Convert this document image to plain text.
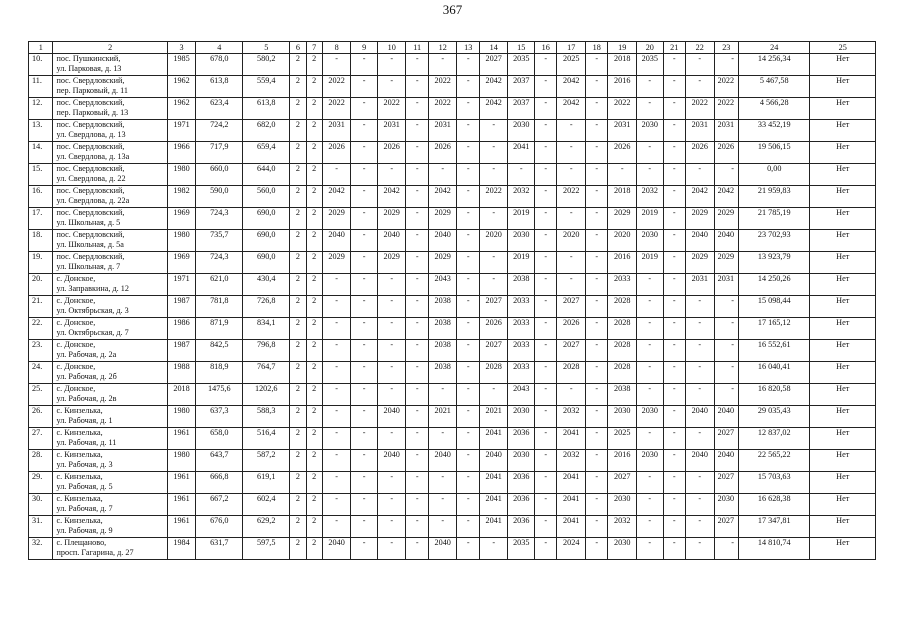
367
1	2	3	4	5	6	7	8	9	10	11	12	13	14	15	16	17	18	19	20	21	22	23	24	25
10.	пос. Пушкинский,
ул. Парковая, д. 13	1985	678,0	580,2	2	2	-	-	-	-	-	-	2027	2035	-	2025	-	2018	2035	-	-	-	14 256,34	Нет
11.	пос. Свердловский,
пер. Парковый, д. 11	1962	613,8	559,4	2	2	2022	-	-	-	2022	-	2042	2037	-	2042	-	2016	-	-	-	2022	5 467,58	Нет
12.	пос. Свердловский,
пер. Парковый, д. 13	1962	623,4	613,8	2	2	2022	-	2022	-	2022	-	2042	2037	-	2042	-	2022	-	-	2022	2022	4 566,28	Нет
13.	пос. Свердловский,
ул. Свердлова, д. 13	1971	724,2	682,0	2	2	2031	-	2031	-	2031	-	-	2030	-	-	-	2031	2030	-	2031	2031	33 452,19	Нет
14.	пос. Свердловский,
ул. Свердлова, д. 13а	1966	717,9	659,4	2	2	2026	-	2026	-	2026	-	-	2041	-	-	-	2026	-	-	2026	2026	19 506,15	Нет
15.	пос. Свердловский,
ул. Свердлова, д. 22	1980	660,0	644,0	2	2	-	-	-	-	-	-	-	-	-	-	-	-	-	-	-	-	0,00	Нет
16.	пос. Свердловский,
ул. Свердлова, д. 22а	1982	590,0	560,0	2	2	2042	-	2042	-	2042	-	2022	2032	-	2022	-	2018	2032	-	2042	2042	21 959,83	Нет
17.	пос. Свердловский,
ул. Школьная, д. 5	1969	724,3	690,0	2	2	2029	-	2029	-	2029	-	-	2019	-	-	-	2029	2019	-	2029	2029	21 785,19	Нет
18.	пос. Свердловский,
ул. Школьная, д. 5а	1980	735,7	690,0	2	2	2040	-	2040	-	2040	-	2020	2030	-	2020	-	2020	2030	-	2040	2040	23 702,93	Нет
19.	пос. Свердловский,
ул. Школьная, д. 7	1969	724,3	690,0	2	2	2029	-	2029	-	2029	-	-	2019	-	-	-	2016	2019	-	2029	2029	13 923,79	Нет
20.	с. Донское,
ул. Заправкина, д. 12	1971	621,0	430,4	2	2	-	-	-	-	2043	-	-	2038	-	-	-	2033	-	-	2031	2031	14 250,26	Нет
21.	с. Донское,
ул. Октябрьская, д. 3	1987	781,8	726,8	2	2	-	-	-	-	2038	-	2027	2033	-	2027	-	2028	-	-	-	-	15 098,44	Нет
22.	с. Донское,
ул. Октябрьская, д. 7	1986	871,9	834,1	2	2	-	-	-	-	2038	-	2026	2033	-	2026	-	2028	-	-	-	-	17 165,12	Нет
23.	с. Донское,
ул. Рабочая, д. 2а	1987	842,5	796,8	2	2	-	-	-	-	2038	-	2027	2033	-	2027	-	2028	-	-	-	-	16 552,61	Нет
24.	с. Донское,
ул. Рабочая, д. 2б	1988	818,9	764,7	2	2	-	-	-	-	2038	-	2028	2033	-	2028	-	2028	-	-	-	-	16 040,41	Нет
25.	с. Донское,
ул. Рабочая, д. 2в	2018	1475,6	1202,6	2	2	-	-	-	-	-	-	-	2043	-	-	-	2038	-	-	-	-	16 820,58	Нет
26.	с. Кинзелька,
ул. Рабочая, д. 1	1980	637,3	588,3	2	2	-	-	2040	-	2021	-	2021	2030	-	2032	-	2030	2030	-	2040	2040	29 035,43	Нет
27.	с. Кинзелька,
ул. Рабочая, д. 11	1961	658,0	516,4	2	2	-	-	-	-	-	-	2041	2036	-	2041	-	2025	-	-	-	2027	12 837,02	Нет
28.	с. Кинзелька,
ул. Рабочая, д. 3	1980	643,7	587,2	2	2	-	-	2040	-	2040	-	2040	2030	-	2032	-	2016	2030	-	2040	2040	22 565,22	Нет
29.	с. Кинзелька,
ул. Рабочая, д. 5	1961	666,8	619,1	2	2	-	-	-	-	-	-	2041	2036	-	2041	-	2027	-	-	-	2027	15 703,63	Нет
30.	с. Кинзелька,
ул. Рабочая, д. 7	1961	667,2	602,4	2	2	-	-	-	-	-	-	2041	2036	-	2041	-	2030	-	-	-	2030	16 628,38	Нет
31.	с. Кинзелька,
ул. Рабочая, д. 9	1961	676,0	629,2	2	2	-	-	-	-	-	-	2041	2036	-	2041	-	2032	-	-	-	2027	17 347,81	Нет
32.	с. Плещаново,
просп. Гагарина, д. 27	1984	631,7	597,5	2	2	2040	-	-	-	2040	-	-	2035	-	2024	-	2030	-	-	-	-	14 810,74	Нет
